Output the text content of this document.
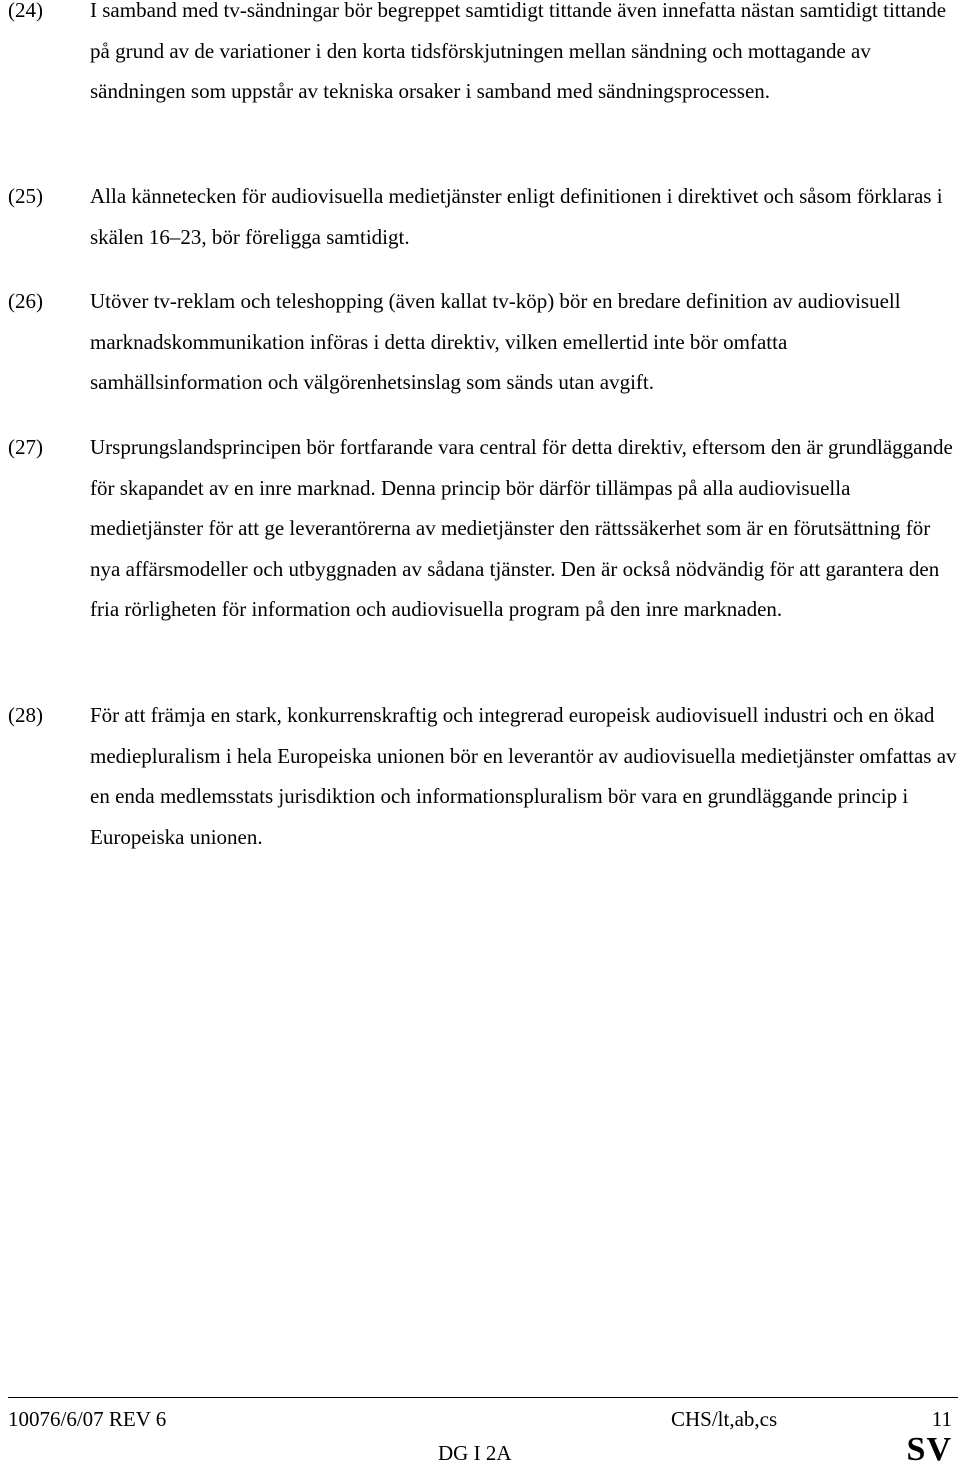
(24) I samband med tv-sändningar bör begreppet samtidigt tittande även innefatta nästan samtidigt tittande på grund av de variationer i den korta tidsförskjutningen mellan sändning och mottagande av sändningen som uppstår av tekniska orsaker i samband med sändningsprocessen.
(25) Alla kännetecken för audiovisuella medietjänster enligt definitionen i direktivet och såsom förklaras i skälen 16–23, bör föreligga samtidigt.
(26) Utöver tv-reklam och teleshopping (även kallat tv-köp) bör en bredare definition av audiovisuell marknadskommunikation införas i detta direktiv, vilken emellertid inte bör omfatta samhällsinformation och välgörenhetsinslag som sänds utan avgift.
(27) Ursprungslandsprincipen bör fortfarande vara central för detta direktiv, eftersom den är grundläggande för skapandet av en inre marknad. Denna princip bör därför tillämpas på alla audiovisuella medietjänster för att ge leverantörerna av medietjänster den rättssäkerhet som är en förutsättning för nya affärsmodeller och utbyggnaden av sådana tjänster. Den är också nödvändig för att garantera den fria rörligheten för information och audiovisuella program på den inre marknaden.
(28) För att främja en stark, konkurrenskraftig och integrerad europeisk audiovisuell industri och en ökad mediepluralism i hela Europeiska unionen bör en leverantör av audiovisuella medietjänster omfattas av en enda medlemsstats jurisdiktion och informationspluralism bör vara en grundläggande princip i Europeiska unionen.
10076/6/07 REV 6	CHS/lt,ab,cs	11
DG I 2A	SV
